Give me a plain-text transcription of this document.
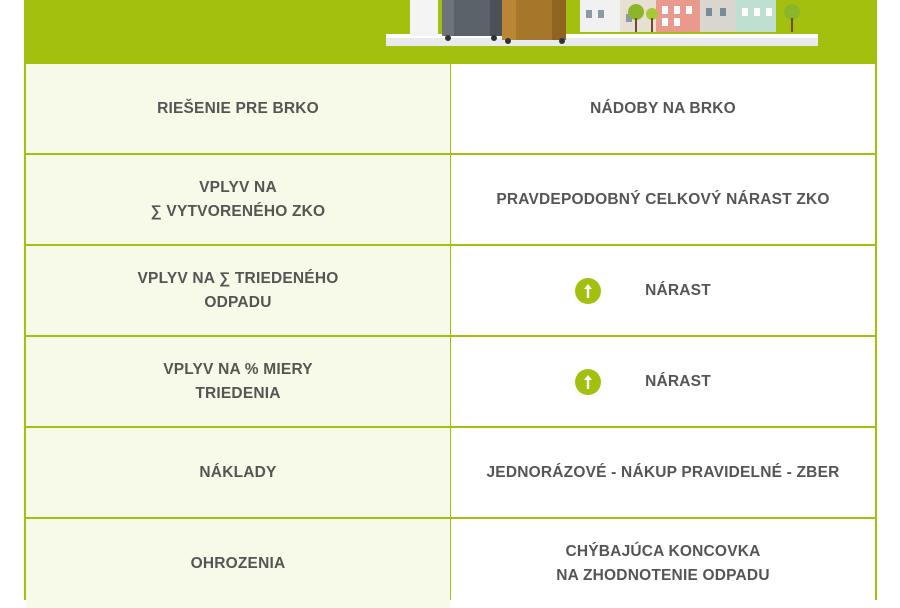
RIEŠENIE PRE BRKO	NÁDOBY NA BRKO
VPLYV NA
∑ VYTVORENÉHO ZKO
PRAVDEPODOBNÝ CELKOVÝ NÁRAST ZKO
VPLYV NA ∑ TRIEDENÉHO
ODPADU
NÁRAST
VPLYV NA % MIERY
TRIEDENIA
NÁRAST
NÁKLADY	JEDNORÁZOVÉ - NÁKUP PRAVIDELNÉ - ZBER
OHROZENIA
CHÝBAJÚCA KONCOVKA
NA ZHODNOTENIE ODPADU
